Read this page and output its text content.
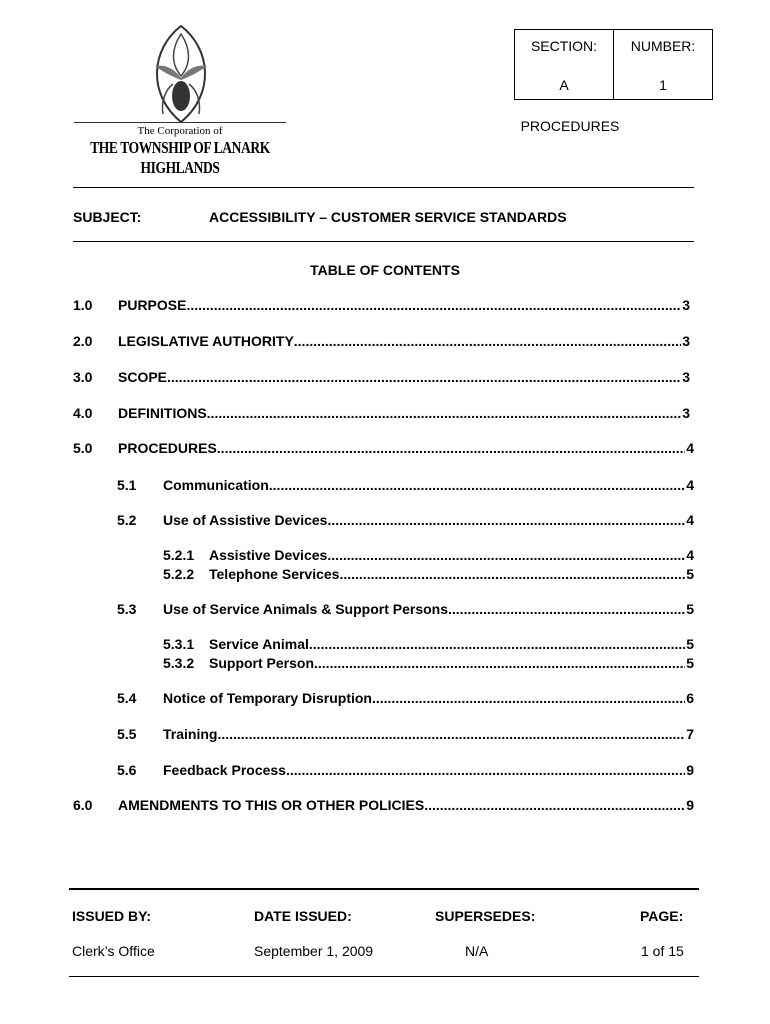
The Corporation of
THE TOWNSHIP OF LANARK HIGHLANDS
SECTION:
A
NUMBER:
1
PROCEDURES
SUBJECT:	ACCESSIBILITY – CUSTOMER SERVICE STANDARDS
TABLE OF CONTENTS
1.0 PURPOSE .....	3
2.0 LEGISLATIVE AUTHORITY .....	3
3.0 SCOPE .....	3
4.0 DEFINITIONS .....	3
5.0 PROCEDURES .....	4
5.1 Communication .....	4
5.2 Use of Assistive Devices .....	4
5.2.1 Assistive Devices .....	4
5.2.2 Telephone Services .....	5
5.3 Use of Service Animals & Support Persons .....	5
5.3.1 Service Animal .....	5
5.3.2 Support Person .....	5
5.4 Notice of Temporary Disruption .....	6
5.5 Training .....	7
5.6 Feedback Process .....	9
6.0 AMENDMENTS TO THIS OR OTHER POLICIES .....	9
ISSUED BY:	DATE ISSUED:	SUPERSEDES:	PAGE:
Clerk’s Office	September 1, 2009	N/A	1 of 15
